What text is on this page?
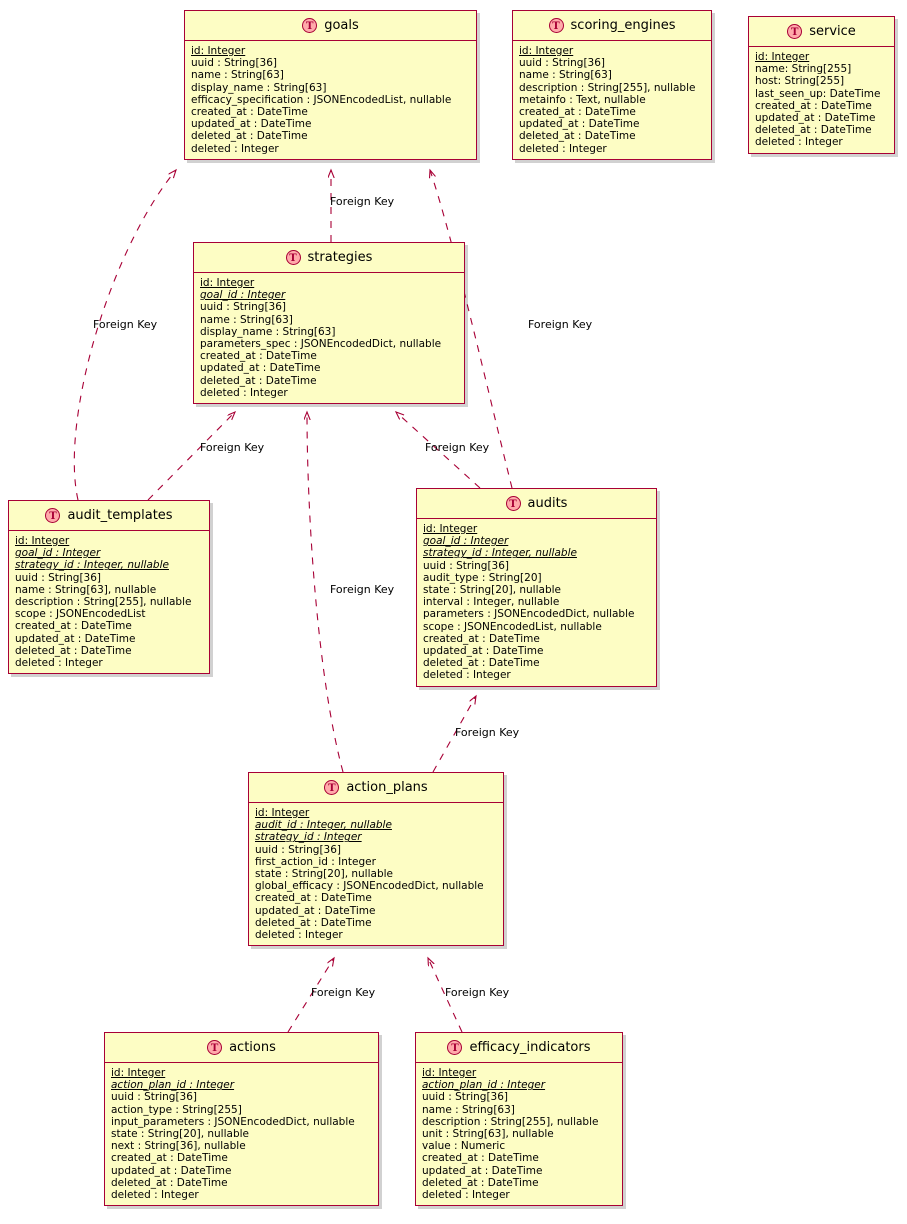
T goals
id: Integer
uuid : String[36]
name : String[63]
display_name : String[63]
efficacy_specification : JSONEncodedList, nullable
created_at : DateTime
updated_at : DateTime
deleted_at : DateTime
deleted : Integer
T scoring_engines
id: Integer
uuid : String[36]
name : String[63]
description : String[255], nullable
metainfo : Text, nullable
created_at : DateTime
updated_at : DateTime
deleted_at : DateTime
deleted : Integer
T service
id: Integer
name: String[255]
host: String[255]
last_seen_up: DateTime
created_at : DateTime
updated_at : DateTime
deleted_at : DateTime
deleted : Integer
T strategies
id: Integer
goal_id : Integer
uuid : String[36]
name : String[63]
display_name : String[63]
parameters_spec : JSONEncodedDict, nullable
created_at : DateTime
updated_at : DateTime
deleted_at : DateTime
deleted : Integer
T audit_templates
id: Integer
goal_id : Integer
strategy_id : Integer, nullable
uuid : String[36]
name : String[63], nullable
description : String[255], nullable
scope : JSONEncodedList
created_at : DateTime
updated_at : DateTime
deleted_at : DateTime
deleted : Integer
T audits
id: Integer
goal_id : Integer
strategy_id : Integer, nullable
uuid : String[36]
audit_type : String[20]
state : String[20], nullable
interval : Integer, nullable
parameters : JSONEncodedDict, nullable
scope : JSONEncodedList, nullable
created_at : DateTime
updated_at : DateTime
deleted_at : DateTime
deleted : Integer
T action_plans
id: Integer
audit_id : Integer, nullable
strategy_id : Integer
uuid : String[36]
first_action_id : Integer
state : String[20], nullable
global_efficacy : JSONEncodedDict, nullable
created_at : DateTime
updated_at : DateTime
deleted_at : DateTime
deleted : Integer
T actions
id: Integer
action_plan_id : Integer
uuid : String[36]
action_type : String[255]
input_parameters : JSONEncodedDict, nullable
state : String[20], nullable
next : String[36], nullable
created_at : DateTime
updated_at : DateTime
deleted_at : DateTime
deleted : Integer
T efficacy_indicators
id: Integer
action_plan_id : Integer
uuid : String[36]
name : String[63]
description : String[255], nullable
unit : String[63], nullable
value : Numeric
created_at : DateTime
updated_at : DateTime
deleted_at : DateTime
deleted : Integer
Foreign Key
Foreign Key
Foreign Key
Foreign Key	Foreign Key
Foreign Key
Foreign Key
Foreign Key	Foreign Key
